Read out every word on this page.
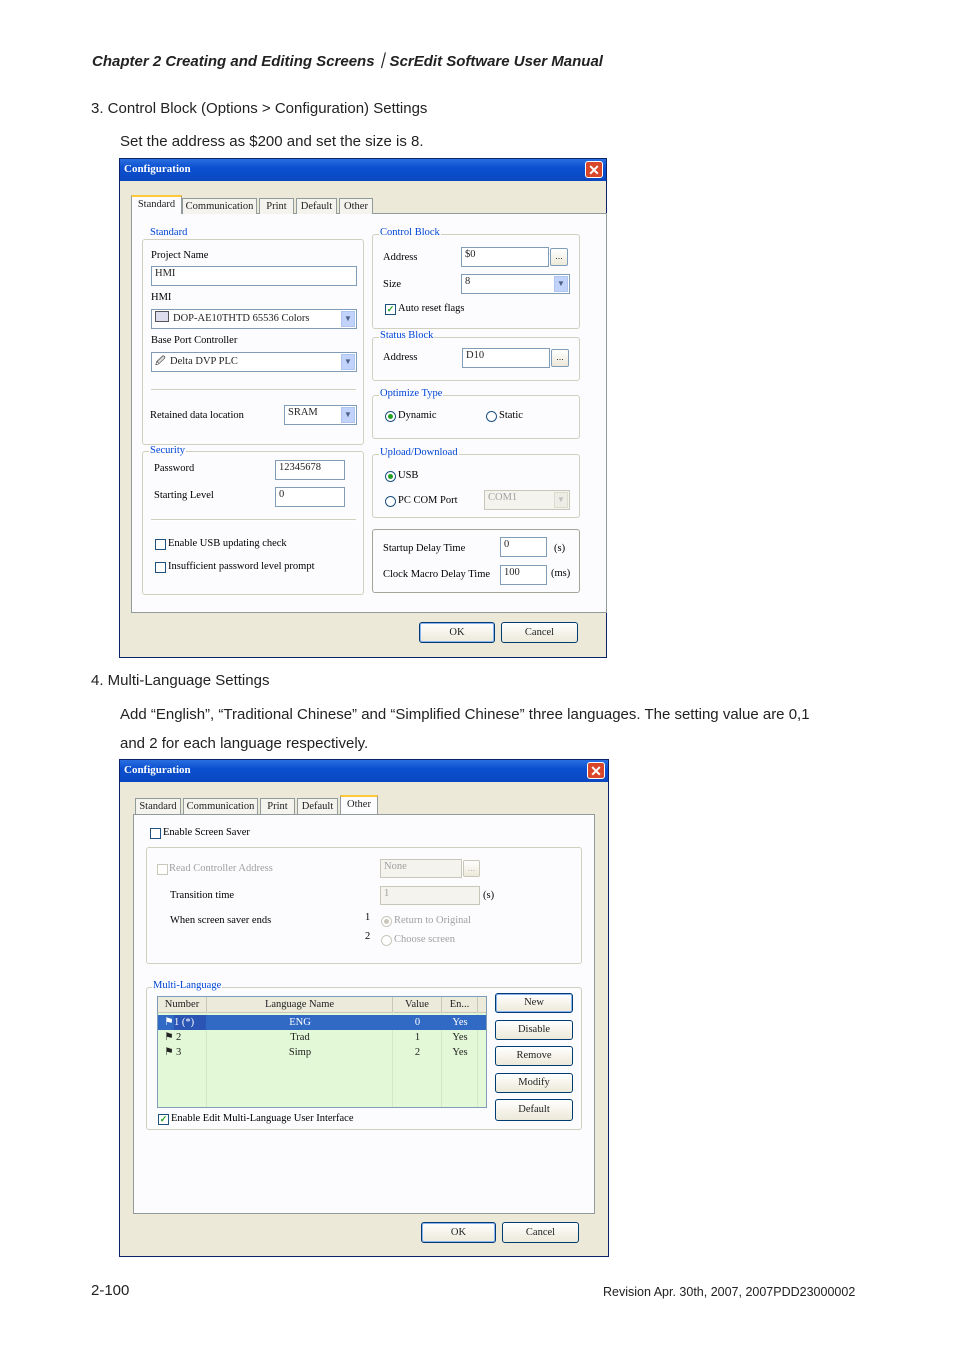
Chapter 2 Creating and Editing Screens｜ScrEdit Software User Manual
3. Control Block (Options > Configuration) Settings
Set the address as $200 and set the size is 8.
Configuration	✕
Standard	Communication	Print	Default	Other
Standard
Project Name
HMI
HMI
DOP-AE10THTD 65536 Colors	▼
Base Port Controller
🖉 Delta DVP PLC	▼
Retained data location	SRAM	▼
Control Block
Address	$0	...
Size	8	▼
✓ Auto reset flags
Status Block
Address	D10	...
Optimize Type
Dynamic	Static
Security
Password	12345678
Starting Level	0
Enable USB updating check
Insufficient password level prompt
Upload/Download
USB
PC COM Port	COM1	▼
Startup Delay Time	0	(s)
Clock Macro Delay Time	100	(ms)
OK	Cancel
4. Multi-Language Settings
Add “English”, “Traditional Chinese” and “Simplified Chinese” three languages. The setting value are 0,1
and 2 for each language respectively.
Configuration	✕
Standard Communication	Print	Default	Other
Enable Screen Saver
Read Controller Address	None	...
Transition time	1	(s)
When screen saver ends	1
2
Return to Original
Choose screen
Multi-Language
Number	Language Name	Value	En...
⚑ 1 (*)	ENG	0	Yes
⚑ 2	Trad	1	Yes
⚑ 3	Simp	2	Yes
New
Disable
Remove
Modify
Default
✓ Enable Edit Multi-Language User Interface
OK	Cancel
2-100	Revision Apr. 30th, 2007, 2007PDD23000002
